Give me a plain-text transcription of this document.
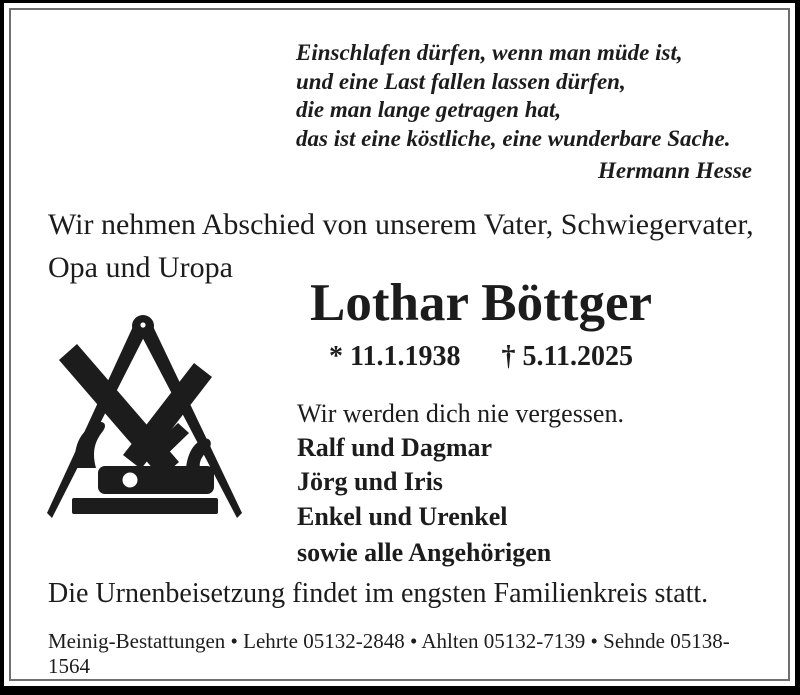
Einschlafen dürfen, wenn man müde ist,
und eine Last fallen lassen dürfen,
die man lange getragen hat,
das ist eine köstliche, eine wunderbare Sache.
Hermann Hesse
Wir nehmen Abschied von unserem Vater, Schwiegervater,
Opa und Uropa
Lothar Böttger
* 11.1.1938 † 5.11.2025
Wir werden dich nie vergessen.
Ralf und Dagmar
Jörg und Iris
Enkel und Urenkel
sowie alle Angehörigen
Die Urnenbeisetzung findet im engsten Familienkreis statt.
Meinig-Bestattungen • Lehrte 05132-2848 • Ahlten 05132-7139 • Sehnde 05138-1564
